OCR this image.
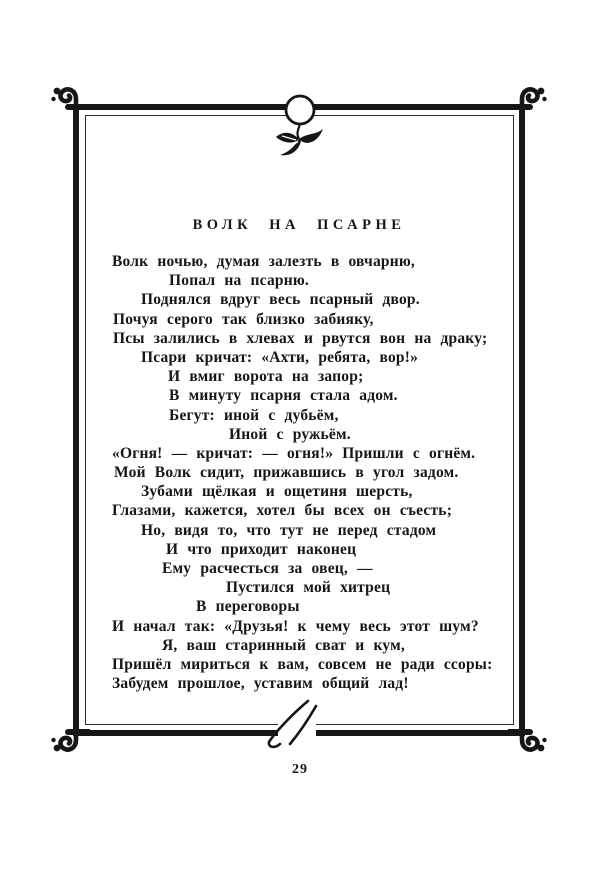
ВОЛК НА ПСАРНЕ
Волк ночью, думая залезть в овчарню,
Попал на псарню.
Поднялся вдруг весь псарный двор.
Почуя серого так близко забияку,
Псы залились в хлевах и рвутся вон на драку;
Псари кричат: «Ахти, ребята, вор!»
И вмиг ворота на запор;
В минуту псарня стала адом.
Бегут: иной с дубьём,
Иной с ружьём.
«Огня! — кричат: — огня!» Пришли с огнём.
Мой Волк сидит, прижавшись в угол задом.
Зубами щёлкая и ощетиня шерсть,
Глазами, кажется, хотел бы всех он съесть;
Но, видя то, что тут не перед стадом
И что приходит наконец
Ему расчесться за овец, —
Пустился мой хитрец
В переговоры
И начал так: «Друзья! к чему весь этот шум?
Я, ваш старинный сват и кум,
Пришёл мириться к вам, совсем не ради ссоры:
Забудем прошлое, уставим общий лад!
29
